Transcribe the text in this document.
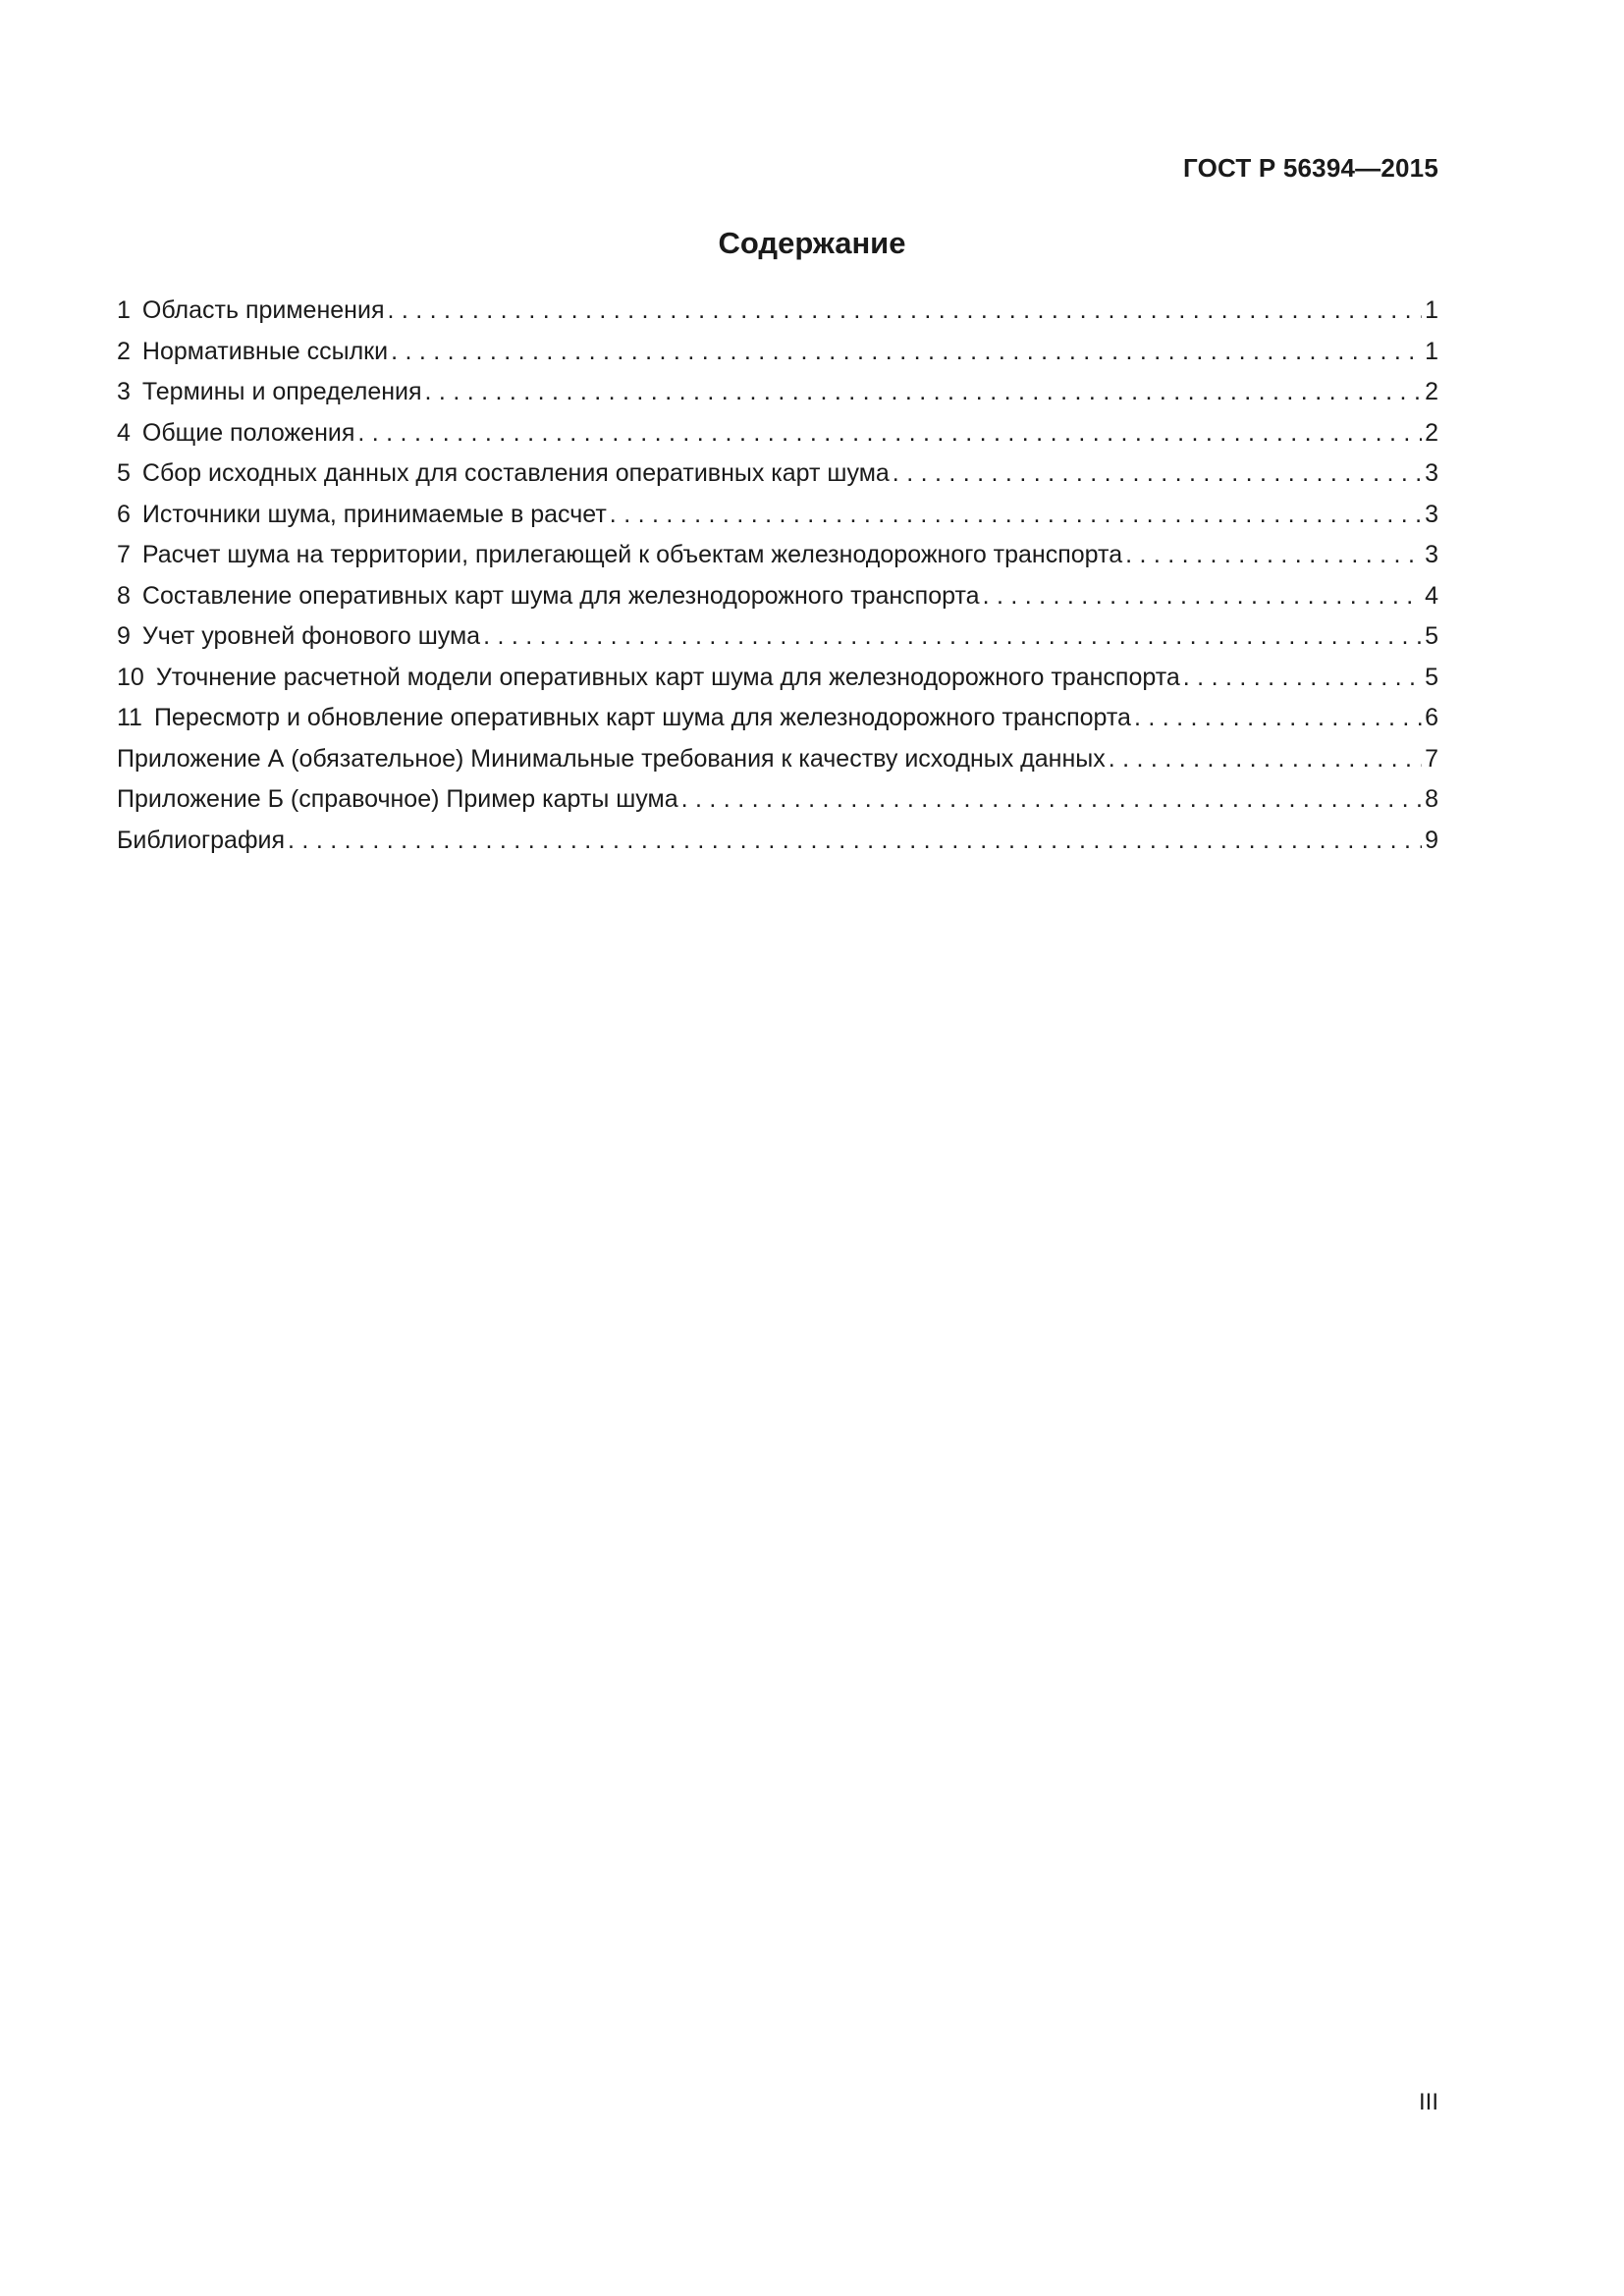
ГОСТ Р 56394—2015
Содержание
1 Область применения . . .	1
2 Нормативные ссылки . . .	1
3 Термины и определения . . .	2
4 Общие положения . . .	2
5 Сбор исходных данных для составления оперативных карт шума . . .	3
6 Источники шума, принимаемые в расчет . . .	3
7 Расчет шума на территории, прилегающей к объектам железнодорожного транспорта . . .	3
8 Составление оперативных карт шума для железнодорожного транспорта . . .	4
9 Учет уровней фонового шума . . .	5
10 Уточнение расчетной модели оперативных карт шума для железнодорожного транспорта . . .	5
11 Пересмотр и обновление оперативных карт шума для железнодорожного транспорта . . .	6
Приложение А (обязательное) Минимальные требования к качеству исходных данных . . .	7
Приложение Б (справочное) Пример карты шума . . .	8
Библиография . . .	9
III
